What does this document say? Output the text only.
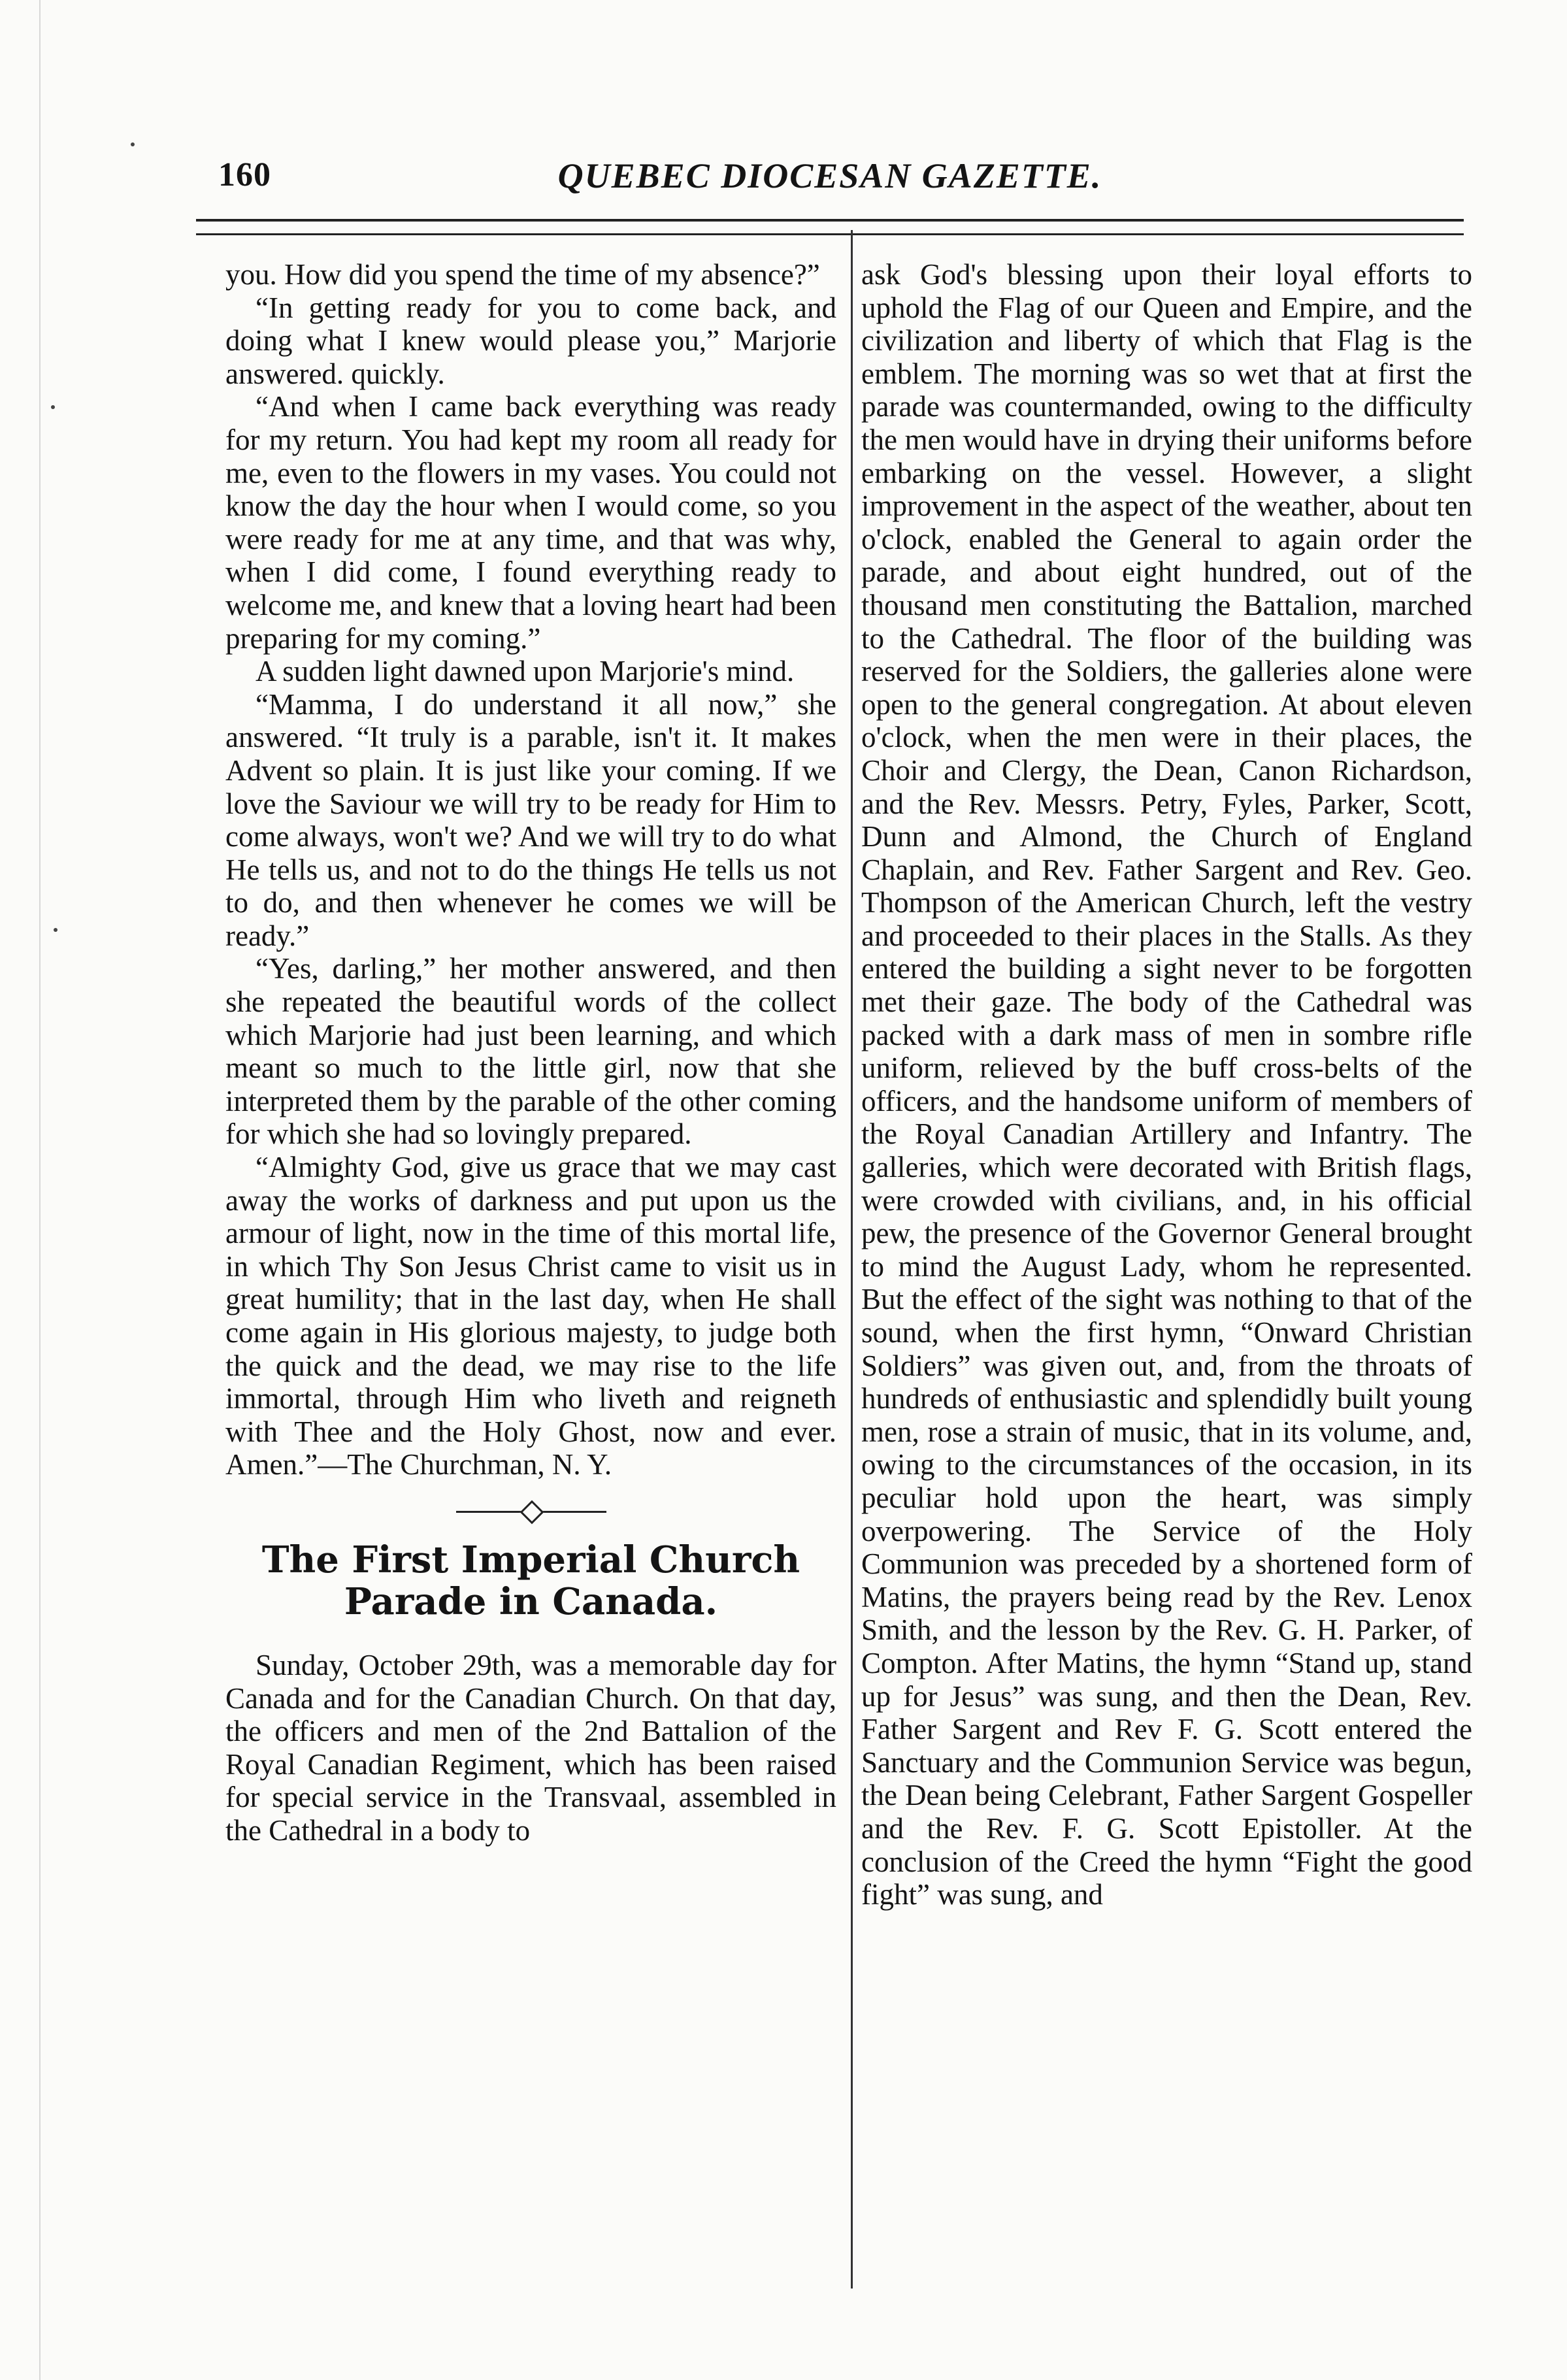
160	QUEBEC DIOCESAN GAZETTE.

you. How did you spend the time of my absence?”

“In getting ready for you to come back, and doing what I knew would please you,” Marjorie answered. quickly.

“And when I came back everything was ready for my return. You had kept my room all ready for me, even to the flowers in my vases. You could not know the day the hour when I would come, so you were ready for me at any time, and that was why, when I did come, I found everything ready to welcome me, and knew that a loving heart had been preparing for my coming.”

A sudden light dawned upon Marjorie's mind.

“Mamma, I do understand it all now,” she answered. “It truly is a parable, isn't it. It makes Advent so plain. It is just like your coming. If we love the Saviour we will try to be ready for Him to come always, won't we? And we will try to do what He tells us, and not to do the things He tells us not to do, and then whenever he comes we will be ready.”

“Yes, darling,” her mother answered, and then she repeated the beautiful words of the collect which Marjorie had just been learning, and which meant so much to the little girl, now that she interpreted them by the parable of the other coming for which she had so lovingly prepared.

“Almighty God, give us grace that we may cast away the works of darkness and put upon us the armour of light, now in the time of this mortal life, in which Thy Son Jesus Christ came to visit us in great humility; that in the last day, when He shall come again in His glorious majesty, to judge both the quick and the dead, we may rise to the life immortal, through Him who liveth and reigneth with Thee and the Holy Ghost, now and ever. Amen.”—The Churchman, N. Y.

The First Imperial Church
Parade in Canada.

Sunday, October 29th, was a memorable day for Canada and for the Canadian Church. On that day, the officers and men of the 2nd Battalion of the Royal Canadian Regiment, which has been raised for special service in the Transvaal, assembled in the Cathedral in a body to

ask God's blessing upon their loyal efforts to uphold the Flag of our Queen and Empire, and the civilization and liberty of which that Flag is the emblem. The morning was so wet that at first the parade was countermanded, owing to the difficulty the men would have in drying their uniforms before embarking on the vessel. However, a slight improvement in the aspect of the weather, about ten o'clock, enabled the General to again order the parade, and about eight hundred, out of the thousand men constituting the Battalion, marched to the Cathedral. The floor of the building was reserved for the Soldiers, the galleries alone were open to the general congregation. At about eleven o'clock, when the men were in their places, the Choir and Clergy, the Dean, Canon Richardson, and the Rev. Messrs. Petry, Fyles, Parker, Scott, Dunn and Almond, the Church of England Chaplain, and Rev. Father Sargent and Rev. Geo. Thompson of the American Church, left the vestry and proceeded to their places in the Stalls. As they entered the building a sight never to be forgotten met their gaze. The body of the Cathedral was packed with a dark mass of men in sombre rifle uniform, relieved by the buff cross-belts of the officers, and the handsome uniform of members of the Royal Canadian Artillery and Infantry. The galleries, which were decorated with British flags, were crowded with civilians, and, in his official pew, the presence of the Governor General brought to mind the August Lady, whom he represented. But the effect of the sight was nothing to that of the sound, when the first hymn, “Onward Christian Soldiers” was given out, and, from the throats of hundreds of enthusiastic and splendidly built young men, rose a strain of music, that in its volume, and, owing to the circumstances of the occasion, in its peculiar hold upon the heart, was simply overpowering. The Service of the Holy Communion was preceded by a shortened form of Matins, the prayers being read by the Rev. Lenox Smith, and the lesson by the Rev. G. H. Parker, of Compton. After Matins, the hymn “Stand up, stand up for Jesus” was sung, and then the Dean, Rev. Father Sargent and Rev F. G. Scott entered the Sanctuary and the Communion Service was begun, the Dean being Celebrant, Father Sargent Gospeller and the Rev. F. G. Scott Epistoller. At the conclusion of the Creed the hymn “Fight the good fight” was sung, and
